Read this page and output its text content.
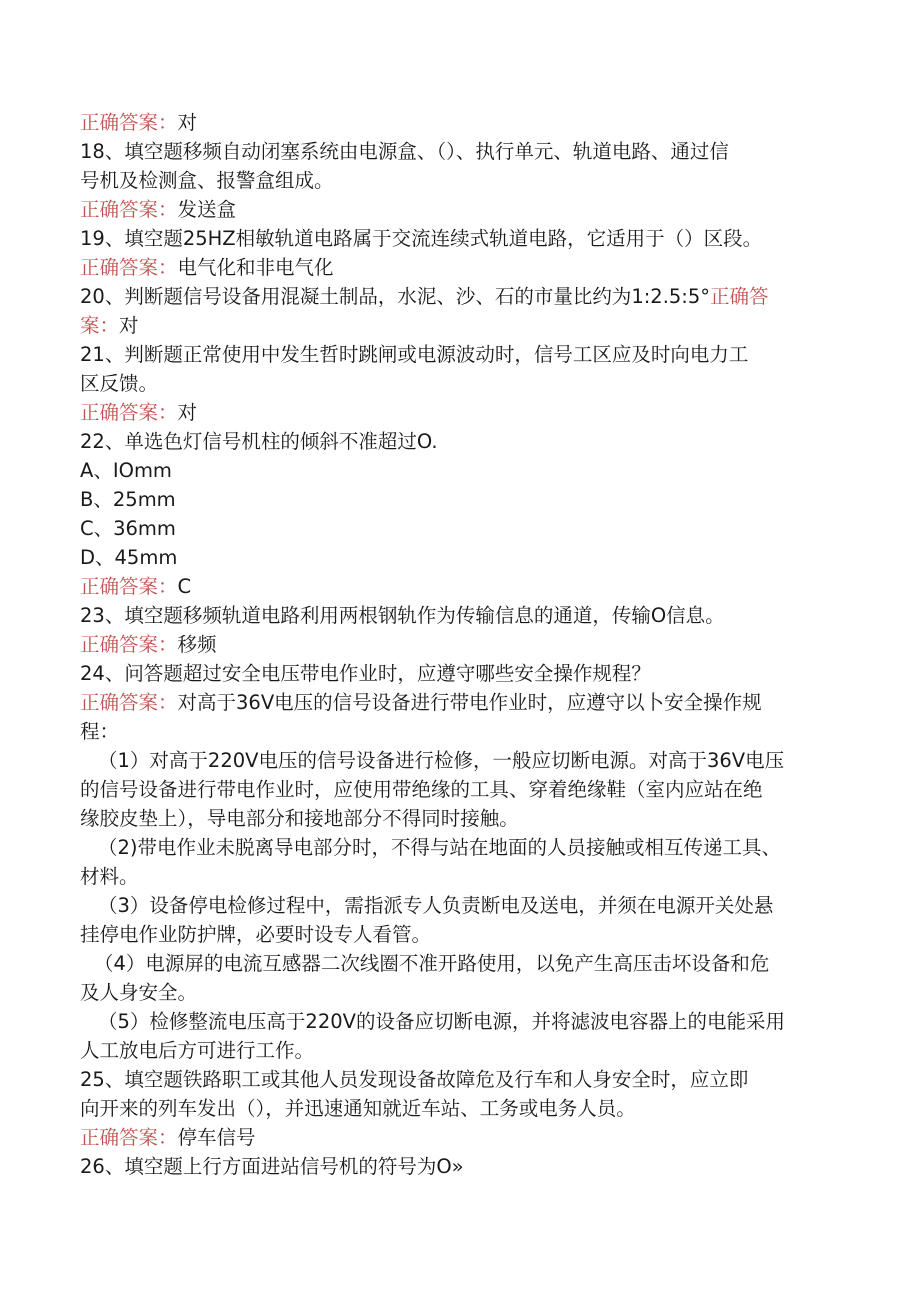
正确答案：对
18、填空题移频自动闭塞系统由电源盒、（）、执行单元、轨道电路、通过信
号机及检测盒、报警盒组成。
正确答案：发送盒
19、填空题25HZ相敏轨道电路属于交流连续式轨道电路，它适用于（）区段。
正确答案：电气化和非电气化
20、判断题信号设备用混凝土制品，水泥、沙、石的市量比约为1:2.5:5°正确答
案：对
21、判断题正常使用中发生哲时跳闸或电源波动时，信号工区应及时向电力工
区反馈。
正确答案：对
22、单选色灯信号机柱的倾斜不准超过O.
A、IOmm
B、25mm
C、36mm
D、45mm
正确答案：C
23、填空题移频轨道电路利用两根钢轨作为传输信息的通道，传输O信息。
正确答案：移频
24、问答题超过安全电压带电作业时，应遵守哪些安全操作规程？
正确答案：对高于36V电压的信号设备进行带电作业时，应遵守以卜安全操作规
程：
（1）对高于220V电压的信号设备进行检修，一般应切断电源。对高于36V电压
的信号设备进行带电作业时，应使用带绝缘的工具、穿着绝缘鞋（室内应站在绝
缘胶皮垫上），导电部分和接地部分不得同时接触。
（2)带电作业未脱离导电部分时，不得与站在地面的人员接触或相互传递工具、
材料。
（3）设备停电检修过程中，需指派专人负责断电及送电，并须在电源开关处悬
挂停电作业防护牌，必要时设专人看管。
（4）电源屏的电流互感器二次线圈不准开路使用，以免产生高压击坏设备和危
及人身安全。
（5）检修整流电压高于220V的设备应切断电源，并将滤波电容器上的电能采用
人工放电后方可进行工作。
25、填空题铁路职工或其他人员发现设备故障危及行车和人身安全时，应立即
向开来的列车发出（），并迅速通知就近车站、工务或电务人员。
正确答案：停车信号
26、填空题上行方面进站信号机的符号为O»
